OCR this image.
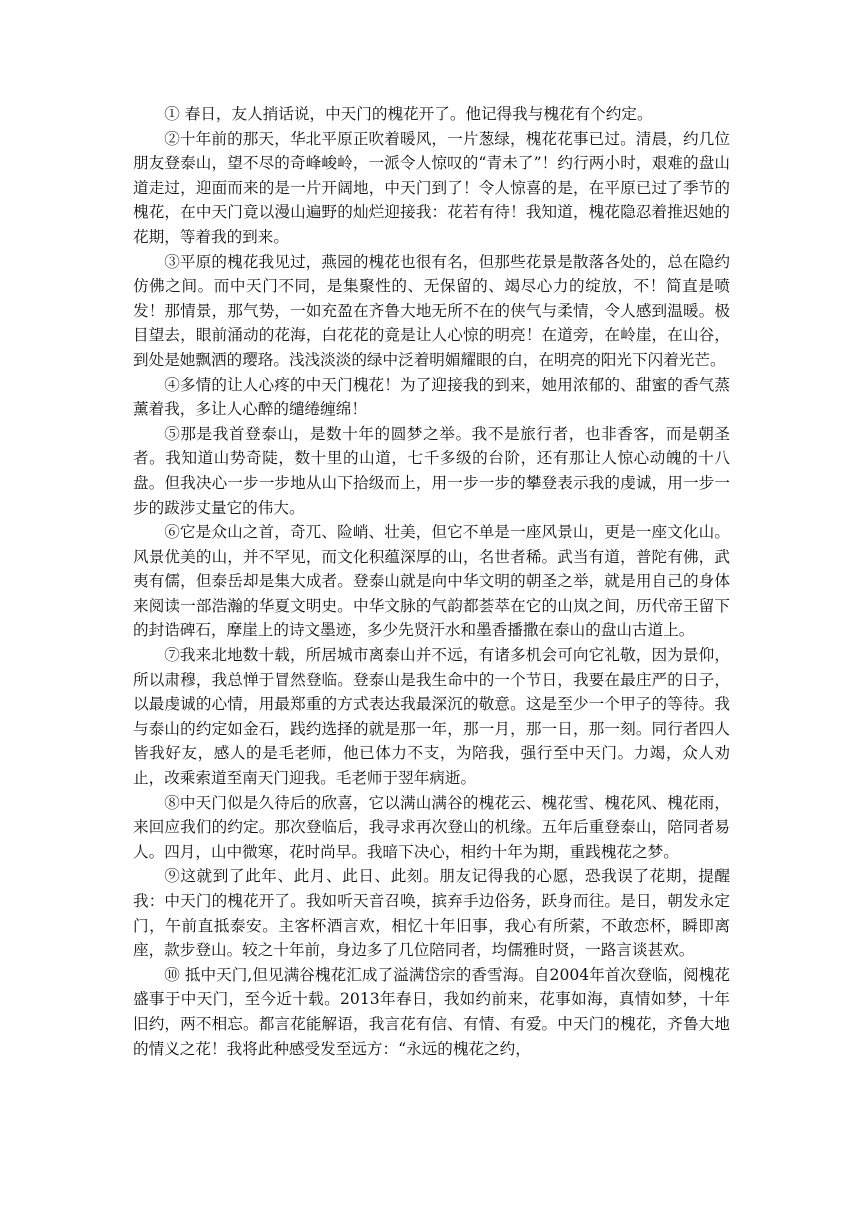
① 春日，友人捎话说，中天门的槐花开了。他记得我与槐花有个约定。

②十年前的那天，华北平原正吹着暖风，一片葱绿，槐花花事已过。清晨，约几位朋友登泰山，望不尽的奇峰峻岭，一派令人惊叹的“青未了”！约行两小时，艰难的盘山道走过，迎面而来的是一片开阔地，中天门到了！令人惊喜的是，在平原已过了季节的槐花，在中天门竟以漫山遍野的灿烂迎接我：花若有待！我知道，槐花隐忍着推迟她的花期，等着我的到来。

③平原的槐花我见过，燕园的槐花也很有名，但那些花景是散落各处的，总在隐约仿佛之间。而中天门不同，是集聚性的、无保留的、竭尽心力的绽放，不！简直是喷发！那情景，那气势，一如充盈在齐鲁大地无所不在的侠气与柔情，令人感到温暖。极目望去，眼前涌动的花海，白花花的竟是让人心惊的明亮！在道旁，在岭崖，在山谷，到处是她飘洒的璎珞。浅浅淡淡的绿中泛着明媚耀眼的白，在明亮的阳光下闪着光芒。

④多情的让人心疼的中天门槐花！为了迎接我的到来，她用浓郁的、甜蜜的香气蒸薰着我，多让人心醉的缱绻缠绵！

⑤那是我首登泰山，是数十年的圆梦之举。我不是旅行者，也非香客，而是朝圣者。我知道山势奇陡，数十里的山道，七千多级的台阶，还有那让人惊心动魄的十八盘。但我决心一步一步地从山下拾级而上，用一步一步的攀登表示我的虔诚，用一步一步的跋涉丈量它的伟大。

⑥它是众山之首，奇兀、险峭、壮美，但它不单是一座风景山，更是一座文化山。风景优美的山，并不罕见，而文化积蕴深厚的山，名世者稀。武当有道，普陀有佛，武夷有儒，但泰岳却是集大成者。登泰山就是向中华文明的朝圣之举，就是用自己的身体来阅读一部浩瀚的华夏文明史。中华文脉的气韵都荟萃在它的山岚之间，历代帝王留下的封诰碑石，摩崖上的诗文墨迹，多少先贤汗水和墨香播撒在泰山的盘山古道上。

⑦我来北地数十载，所居城市离泰山并不远，有诸多机会可向它礼敬，因为景仰，所以肃穆，我总惮于冒然登临。登泰山是我生命中的一个节日，我要在最庄严的日子，以最虔诚的心情，用最郑重的方式表达我最深沉的敬意。这是至少一个甲子的等待。我与泰山的约定如金石，践约选择的就是那一年，那一月，那一日，那一刻。同行者四人皆我好友，感人的是毛老师，他已体力不支，为陪我，强行至中天门。力竭，众人劝止，改乘索道至南天门迎我。毛老师于翌年病逝。

⑧中天门似是久待后的欣喜，它以满山满谷的槐花云、槐花雪、槐花风、槐花雨，来回应我们的约定。那次登临后，我寻求再次登山的机缘。五年后重登泰山，陪同者易人。四月，山中微寒，花时尚早。我暗下决心，相约十年为期，重践槐花之梦。

⑨这就到了此年、此月、此日、此刻。朋友记得我的心愿，恐我误了花期，提醒我：中天门的槐花开了。我如听天音召唤，摈弃手边俗务，跃身而往。是日，朝发永定门，午前直抵泰安。主客杯酒言欢，相忆十年旧事，我心有所萦，不敢恋杯，瞬即离座，款步登山。较之十年前，身边多了几位陪同者，均儒雅时贤，一路言谈甚欢。

⑩ 抵中天门,但见满谷槐花汇成了溢满岱宗的香雪海。自2004年首次登临，阅槐花盛事于中天门，至今近十载。2013年春日，我如约前来，花事如海，真情如梦，十年旧约，两不相忘。都言花能解语，我言花有信、有情、有爱。中天门的槐花，齐鲁大地的情义之花！我将此种感受发至远方：“永远的槐花之约，
